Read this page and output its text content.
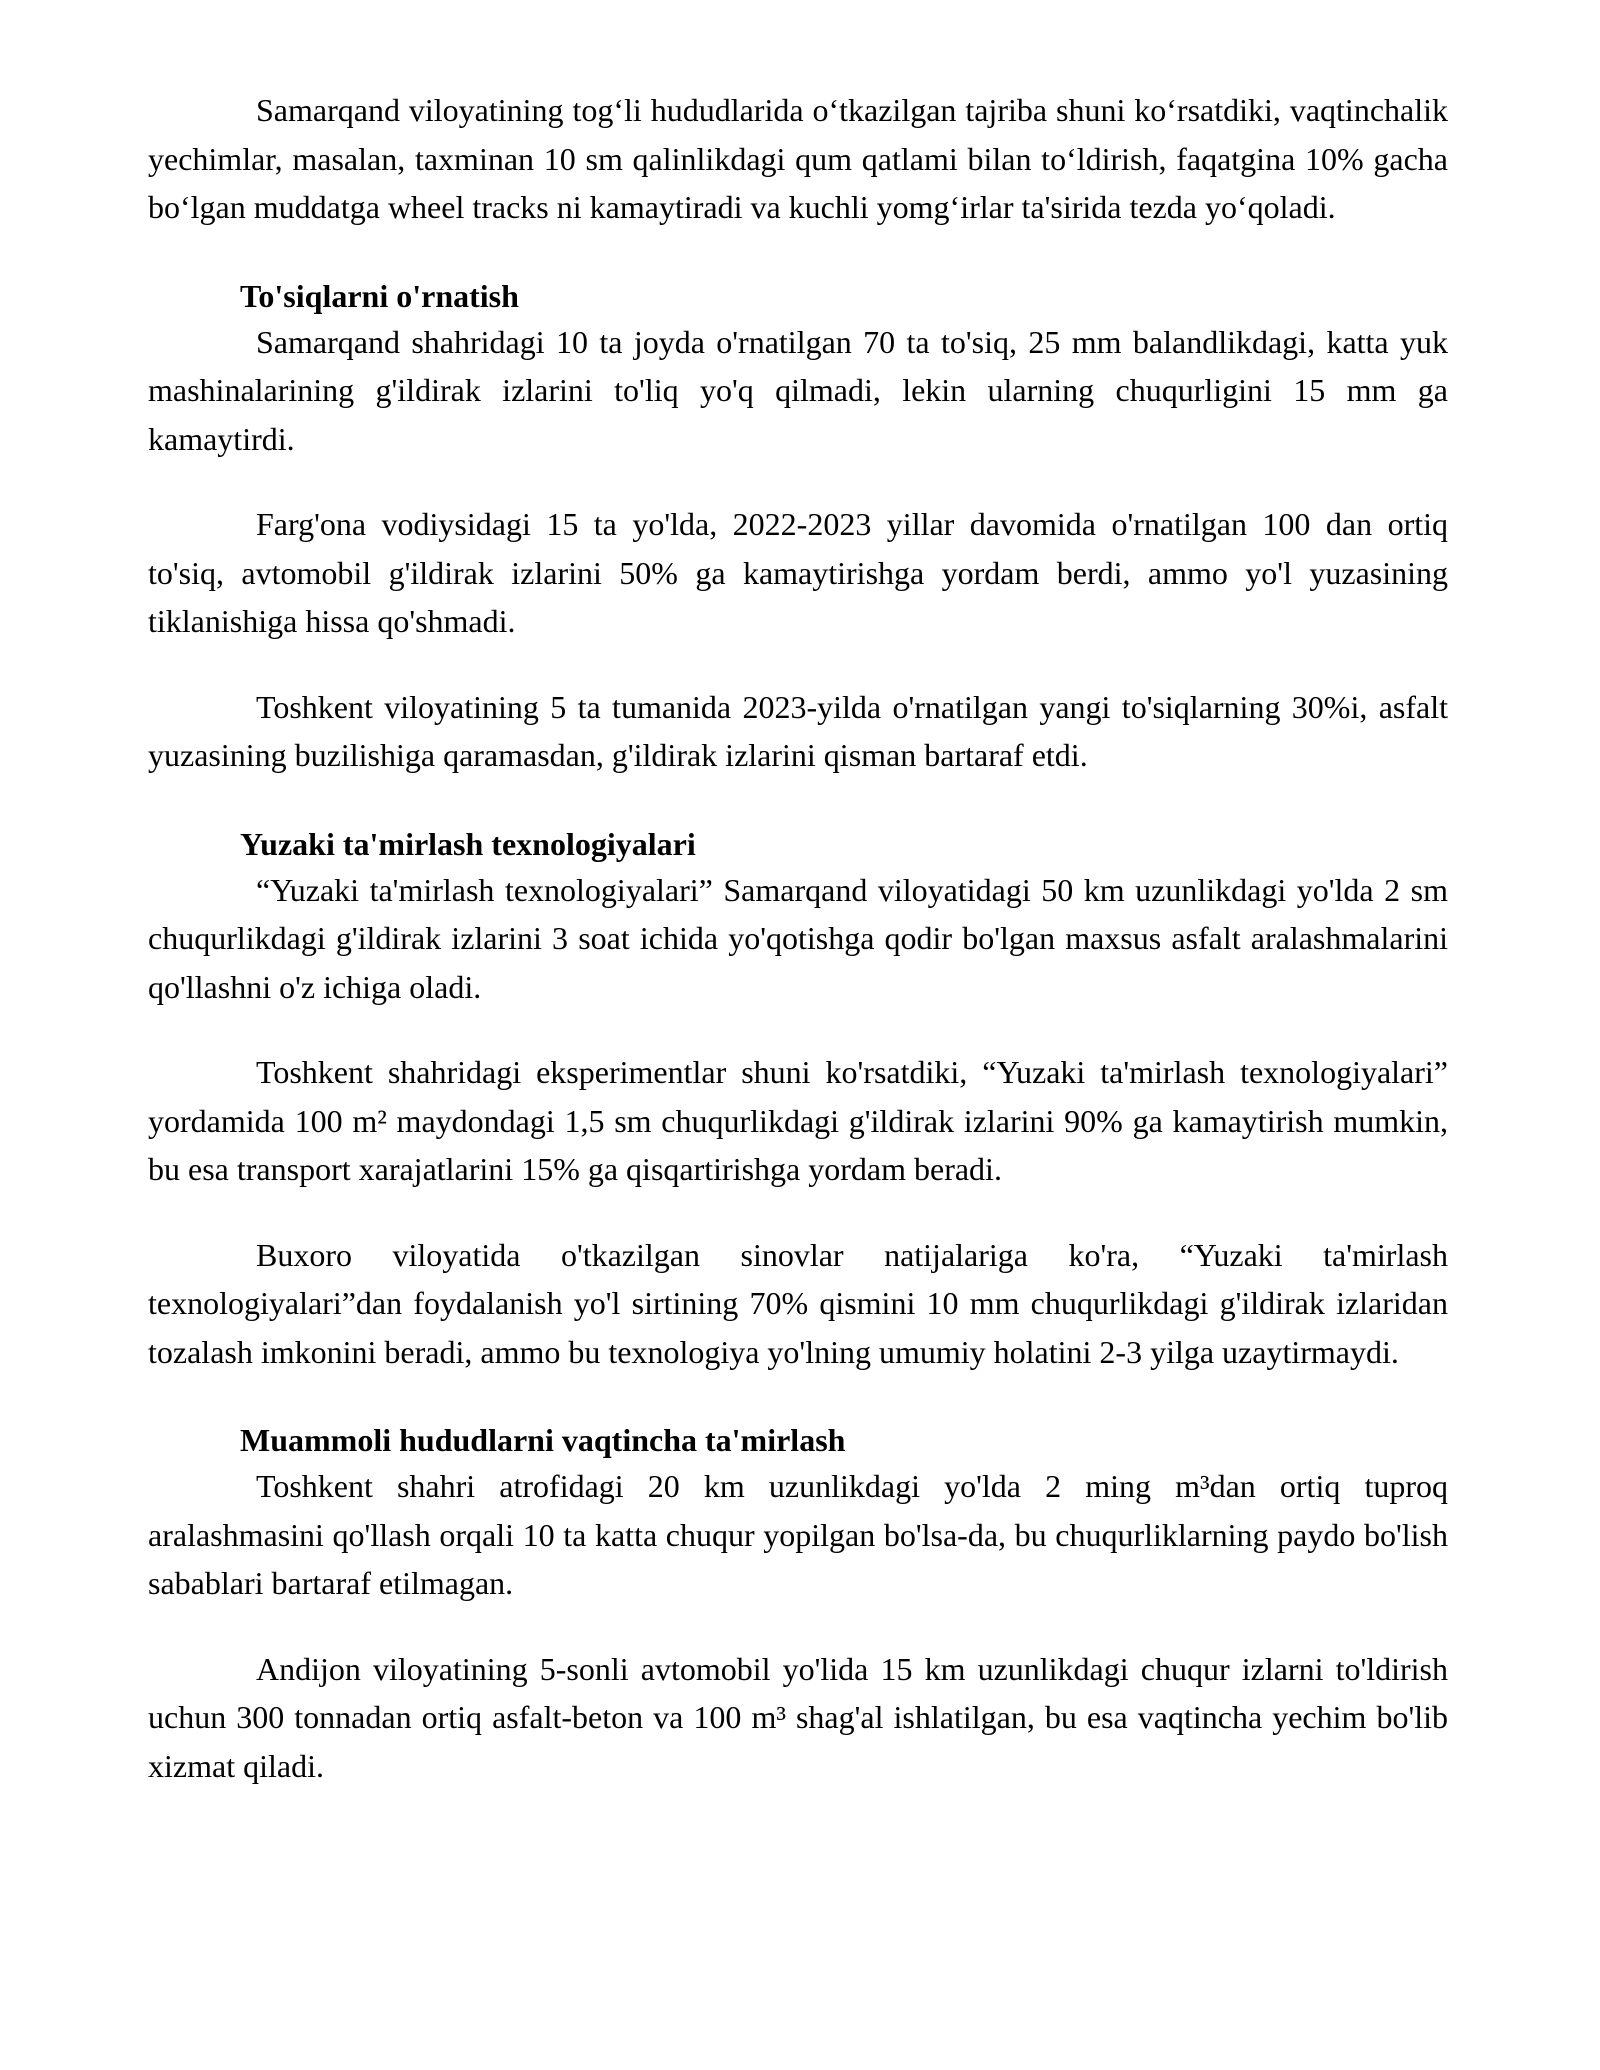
Samarqand viloyatining tog‘li hududlarida o‘tkazilgan tajriba shuni ko‘rsatdiki, vaqtinchalik yechimlar, masalan, taxminan 10 sm qalinlikdagi qum qatlami bilan to‘ldirish, faqatgina 10% gacha bo‘lgan muddatga wheel tracks ni kamaytiradi va kuchli yomg‘irlar ta'sirida tezda yo‘qoladi.

To'siqlarni o'rnatish

Samarqand shahridagi 10 ta joyda o'rnatilgan 70 ta to'siq, 25 mm balandlikdagi, katta yuk mashinalarining g'ildirak izlarini to'liq yo'q qilmadi, lekin ularning chuqurligini 15 mm ga kamaytirdi.

Farg'ona vodiysidagi 15 ta yo'lda, 2022-2023 yillar davomida o'rnatilgan 100 dan ortiq to'siq, avtomobil g'ildirak izlarini 50% ga kamaytirishga yordam berdi, ammo yo'l yuzasining tiklanishiga hissa qo'shmadi.

Toshkent viloyatining 5 ta tumanida 2023-yilda o'rnatilgan yangi to'siqlarning 30%i, asfalt yuzasining buzilishiga qaramasdan, g'ildirak izlarini qisman bartaraf etdi.

Yuzaki ta'mirlash texnologiyalari

“Yuzaki ta'mirlash texnologiyalari” Samarqand viloyatidagi 50 km uzunlikdagi yo'lda 2 sm chuqurlikdagi g'ildirak izlarini 3 soat ichida yo'qotishga qodir bo'lgan maxsus asfalt aralashmalarini qo'llashni o'z ichiga oladi.

Toshkent shahridagi eksperimentlar shuni ko'rsatdiki, “Yuzaki ta'mirlash texnologiyalari” yordamida 100 m² maydondagi 1,5 sm chuqurlikdagi g'ildirak izlarini 90% ga kamaytirish mumkin, bu esa transport xarajatlarini 15% ga qisqartirishga yordam beradi.

Buxoro viloyatida o'tkazilgan sinovlar natijalariga ko'ra, “Yuzaki ta'mirlash texnologiyalari”dan foydalanish yo'l sirtining 70% qismini 10 mm chuqurlikdagi g'ildirak izlaridan tozalash imkonini beradi, ammo bu texnologiya yo'lning umumiy holatini 2-3 yilga uzaytirmaydi.

Muammoli hududlarni vaqtincha ta'mirlash

Toshkent shahri atrofidagi 20 km uzunlikdagi yo'lda 2 ming m³dan ortiq tuproq aralashmasini qo'llash orqali 10 ta katta chuqur yopilgan bo'lsa-da, bu chuqurliklarning paydo bo'lish sabablari bartaraf etilmagan.

Andijon viloyatining 5-sonli avtomobil yo'lida 15 km uzunlikdagi chuqur izlarni to'ldirish uchun 300 tonnadan ortiq asfalt-beton va 100 m³ shag'al ishlatilgan, bu esa vaqtincha yechim bo'lib xizmat qiladi.
